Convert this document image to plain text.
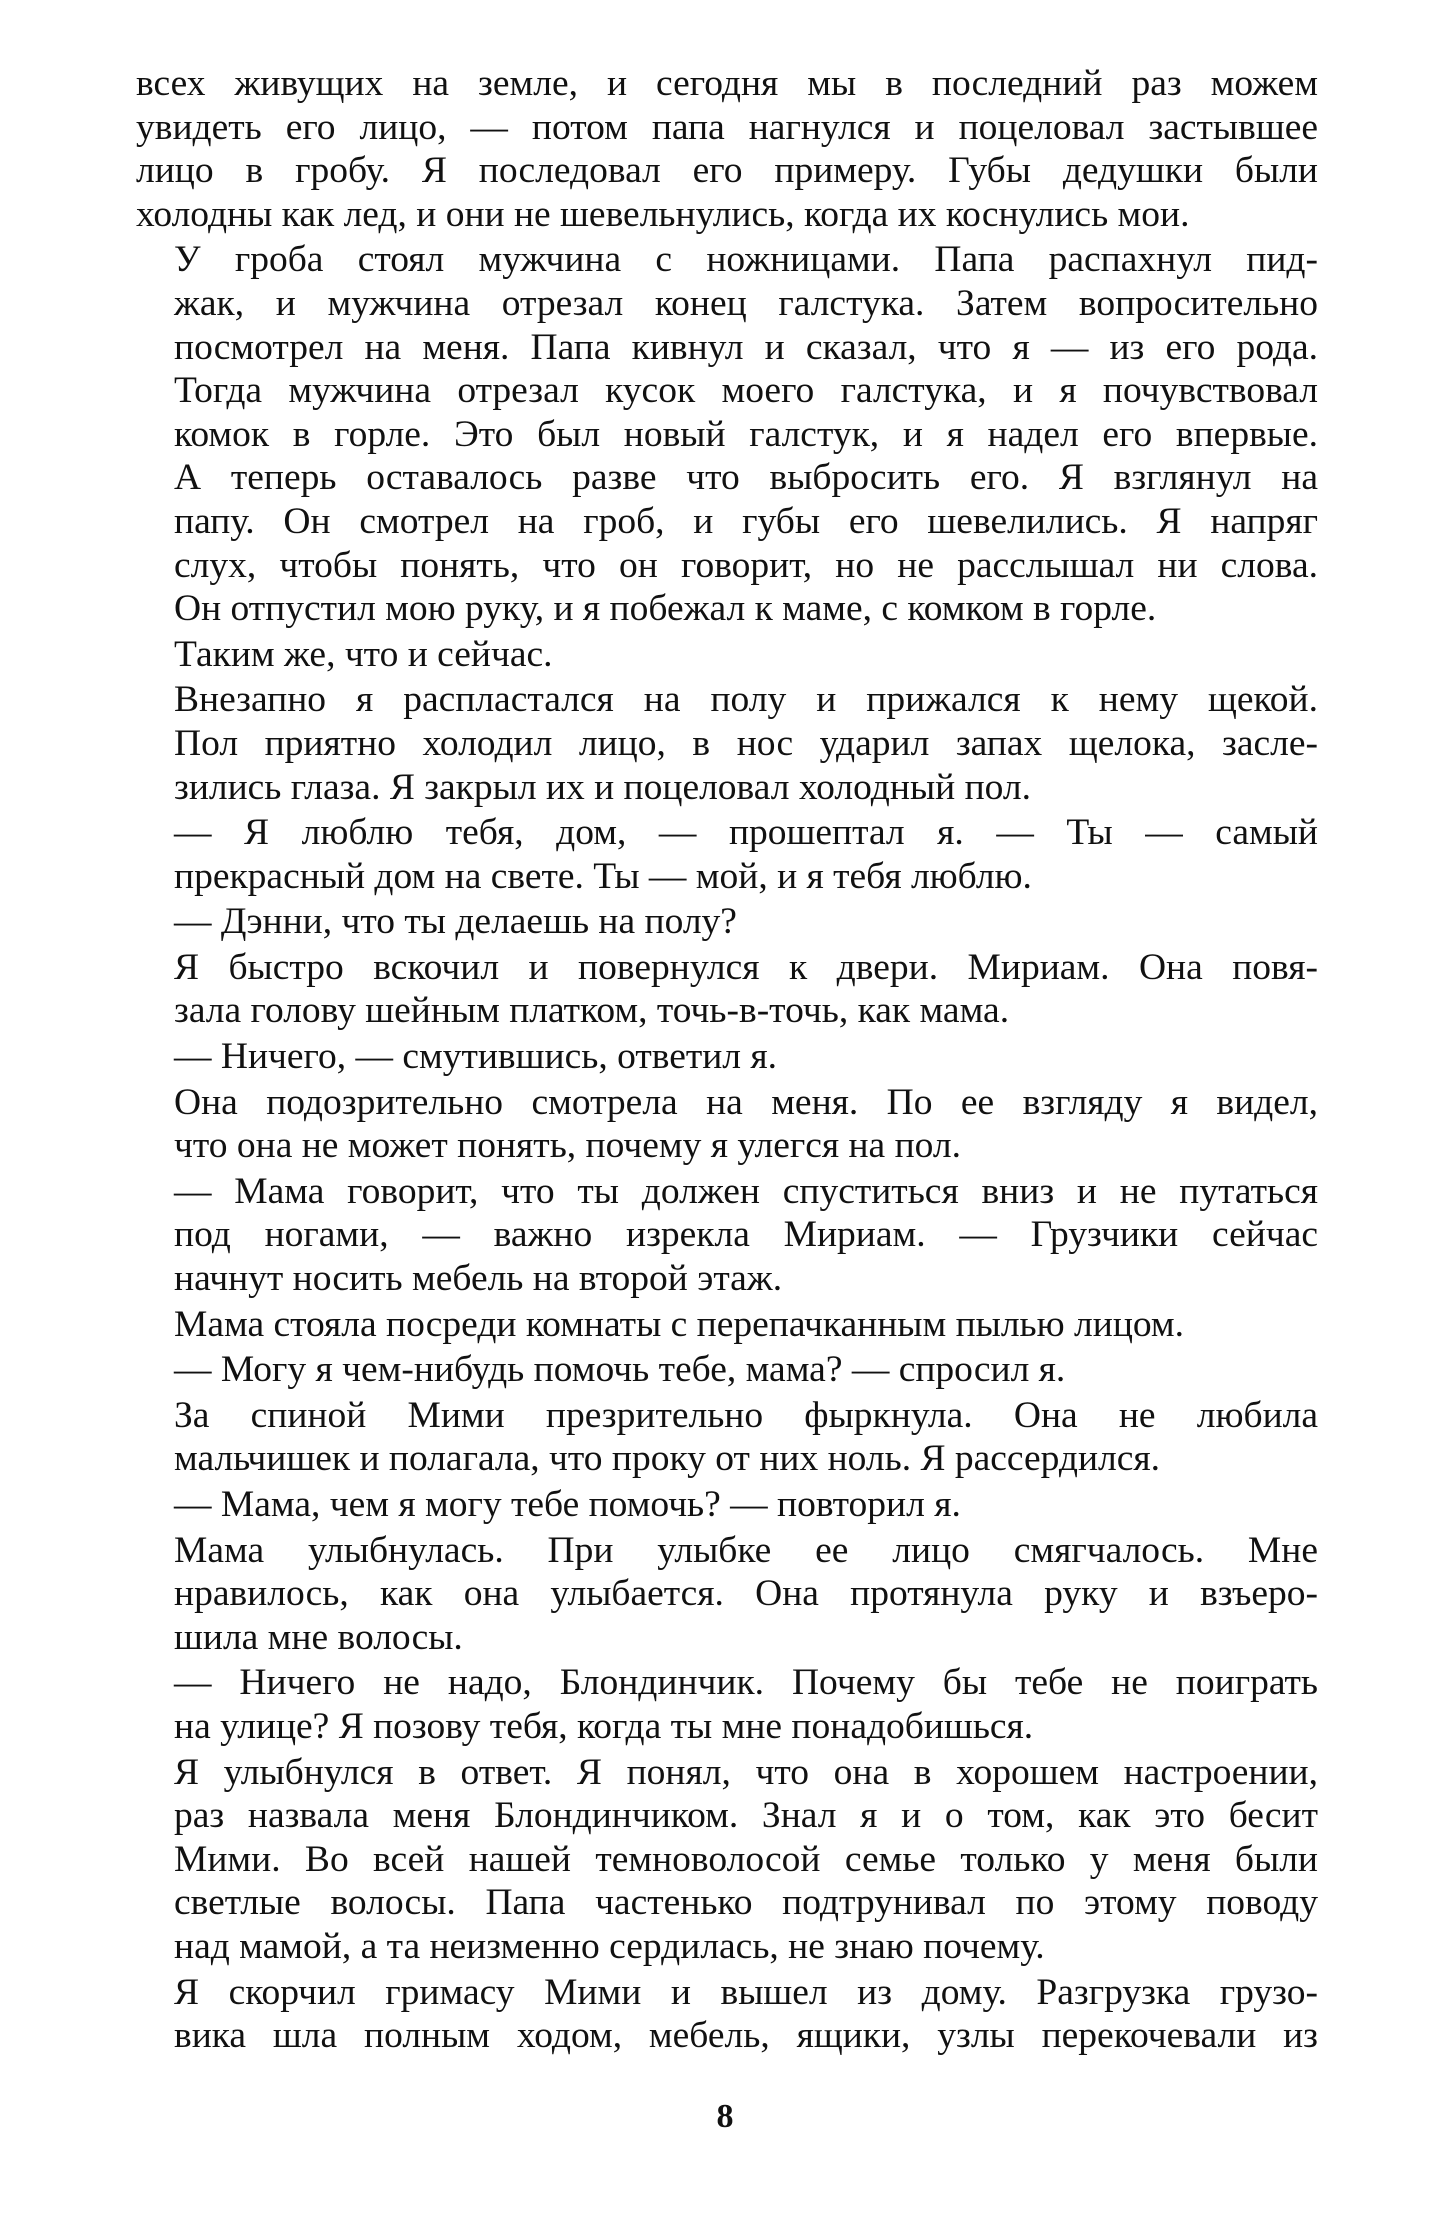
всех живущих на земле, и сегодня мы в последний раз можем
увидеть его лицо, — потом папа нагнулся и поцеловал застывшее
лицо в гробу. Я последовал его примеру. Губы дедушки были
холодны как лед, и они не шевельнулись, когда их коснулись мои.
У гроба стоял мужчина с ножницами. Папа распахнул пид-
жак, и мужчина отрезал конец галстука. Затем вопросительно
посмотрел на меня. Папа кивнул и сказал, что я — из его рода.
Тогда мужчина отрезал кусок моего галстука, и я почувствовал
комок в горле. Это был новый галстук, и я надел его впервые.
А теперь оставалось разве что выбросить его. Я взглянул на
папу. Он смотрел на гроб, и губы его шевелились. Я напряг
слух, чтобы понять, что он говорит, но не расслышал ни слова.
Он отпустил мою руку, и я побежал к маме, с комком в горле.
Таким же, что и сейчас.
Внезапно я распластался на полу и прижался к нему щекой.
Пол приятно холодил лицо, в нос ударил запах щелока, засле-
зились глаза. Я закрыл их и поцеловал холодный пол.
— Я люблю тебя, дом, — прошептал я. — Ты — самый
прекрасный дом на свете. Ты — мой, и я тебя люблю.
— Дэнни, что ты делаешь на полу?
Я быстро вскочил и повернулся к двери. Мириам. Она повя-
зала голову шейным платком, точь-в-точь, как мама.
— Ничего, — смутившись, ответил я.
Она подозрительно смотрела на меня. По ее взгляду я видел,
что она не может понять, почему я улегся на пол.
— Мама говорит, что ты должен спуститься вниз и не путаться
под ногами, — важно изрекла Мириам. — Грузчики сейчас
начнут носить мебель на второй этаж.
Мама стояла посреди комнаты с перепачканным пылью лицом.
— Могу я чем-нибудь помочь тебе, мама? — спросил я.
За спиной Мими презрительно фыркнула. Она не любила
мальчишек и полагала, что проку от них ноль. Я рассердился.
— Мама, чем я могу тебе помочь? — повторил я.
Мама улыбнулась. При улыбке ее лицо смягчалось. Мне
нравилось, как она улыбается. Она протянула руку и взъеро-
шила мне волосы.
— Ничего не надо, Блондинчик. Почему бы тебе не поиграть
на улице? Я позову тебя, когда ты мне понадобишься.
Я улыбнулся в ответ. Я понял, что она в хорошем настроении,
раз назвала меня Блондинчиком. Знал я и о том, как это бесит
Мими. Во всей нашей темноволосой семье только у меня были
светлые волосы. Папа частенько подтрунивал по этому поводу
над мамой, а та неизменно сердилась, не знаю почему.
Я скорчил гримасу Мими и вышел из дому. Разгрузка грузо-
вика шла полным ходом, мебель, ящики, узлы перекочевали из
8
